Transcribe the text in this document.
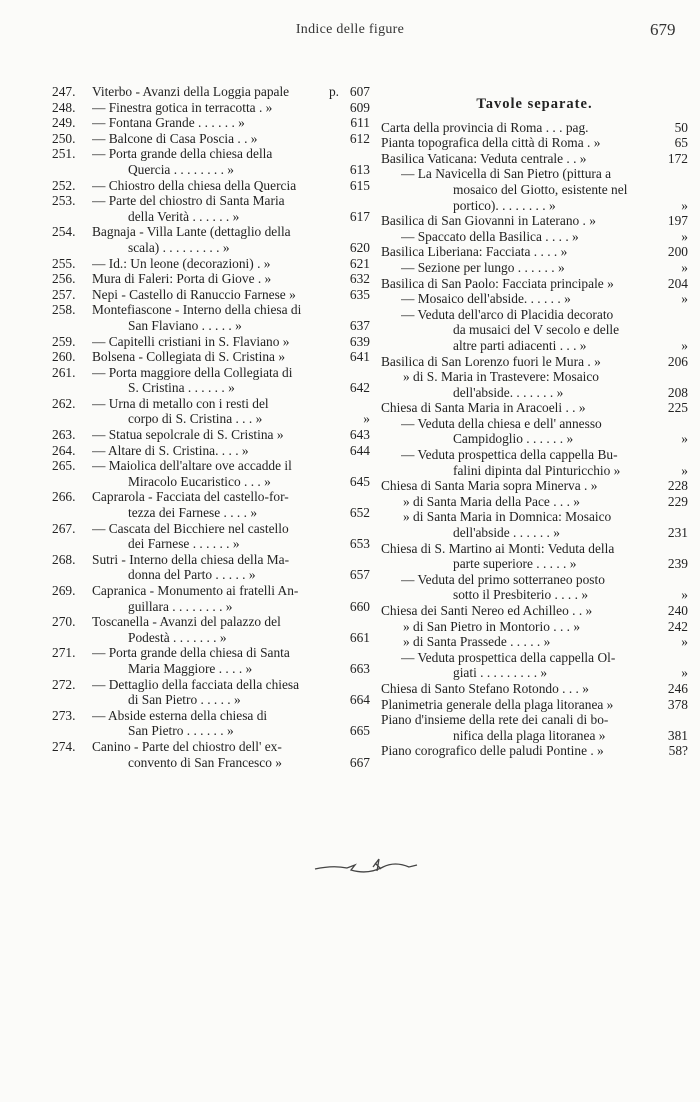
Indice delle figure	679
247.	Viterbo - Avanzi della Loggia papale	p. 607
248.	— Finestra gotica in terracotta . »	609
249.	— Fontana Grande . . . . . . »	611
250.	— Balcone di Casa Poscia . . »	612
251.	— Porta grande della chiesa della
Quercia . . . . . . . . »	613
252.	— Chiostro della chiesa della Quercia	615
253.	— Parte del chiostro di Santa Maria
della Verità . . . . . . »	617
254.	Bagnaja - Villa Lante (dettaglio della
scala) . . . . . . . . . »	620
255.	— Id.: Un leone (decorazioni) . »	621
256.	Mura di Faleri: Porta di Giove . »	632
257.	Nepi - Castello di Ranuccio Farnese »	635
258.	Montefiascone - Interno della chiesa di
San Flaviano . . . . . »	637
259.	— Capitelli cristiani in S. Flaviano »	639
260.	Bolsena - Collegiata di S. Cristina »	641
261.	— Porta maggiore della Collegiata di
S. Cristina . . . . . . »	642
262.	— Urna di metallo con i resti del
corpo di S. Cristina . . . »	»
263.	— Statua sepolcrale di S. Cristina »	643
264.	— Altare di S. Cristina. . . . »	644
265.	— Maiolica dell'altare ove accadde il
Miracolo Eucaristico . . . »	645
266.	Caprarola - Facciata del castello-for-
tezza dei Farnese . . . . »	652
267.	— Cascata del Bicchiere nel castello
dei Farnese . . . . . . »	653
268.	Sutri - Interno della chiesa della Ma-
donna del Parto . . . . . »	657
269.	Capranica - Monumento ai fratelli An-
guillara . . . . . . . . »	660
270.	Toscanella - Avanzi del palazzo del
Podestà . . . . . . . »	661
271.	— Porta grande della chiesa di Santa
Maria Maggiore . . . . »	663
272.	— Dettaglio della facciata della chiesa
di San Pietro . . . . . »	664
273.	— Abside esterna della chiesa di
San Pietro . . . . . . »	665
274.	Canino - Parte del chiostro dell' ex-
convento di San Francesco »	667
Tavole separate.
Carta della provincia di Roma . . . pag.	50
Pianta topografica della città di Roma . »	65
Basilica Vaticana: Veduta centrale . . »	172
— La Navicella di San Pietro (pittura a
mosaico del Giotto, esistente nel
portico). . . . . . . . »	»
Basilica di San Giovanni in Laterano . »	197
— Spaccato della Basilica . . . . »	»
Basilica Liberiana: Facciata . . . . »	200
— Sezione per lungo . . . . . . »	»
Basilica di San Paolo: Facciata principale »	204
— Mosaico dell'abside. . . . . . »	»
— Veduta dell'arco di Placidia decorato
da musaici del V secolo e delle
altre parti adiacenti . . . »	»
Basilica di San Lorenzo fuori le Mura . »	206
» di S. Maria in Trastevere: Mosaico
dell'abside. . . . . . . »	208
Chiesa di Santa Maria in Aracoeli . . »	225
— Veduta della chiesa e dell' annesso
Campidoglio . . . . . . »	»
— Veduta prospettica della cappella Bu-
falini dipinta dal Pinturicchio »	»
Chiesa di Santa Maria sopra Minerva . »	228
» di Santa Maria della Pace . . . »	229
» di Santa Maria in Domnica: Mosaico
dell'abside . . . . . . »	231
Chiesa di S. Martino ai Monti: Veduta della
parte superiore . . . . . »	239
— Veduta del primo sotterraneo posto
sotto il Presbiterio . . . . »	»
Chiesa dei Santi Nereo ed Achilleo . . »	240
» di San Pietro in Montorio . . . »	242
» di Santa Prassede . . . . . »	»
— Veduta prospettica della cappella Ol-
giati . . . . . . . . . »	»
Chiesa di Santo Stefano Rotondo . . . »	246
Planimetria generale della plaga litoranea »	378
Piano d'insieme della rete dei canali di bo-
nifica della plaga litoranea »	381
Piano corografico delle paludi Pontine . »	58?
